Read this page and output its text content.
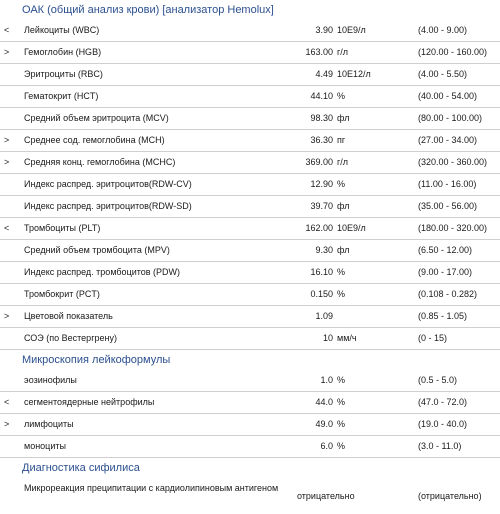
ОАК (общий анализ крови) [анализатор Hemolux]
<	Лейкоциты (WBC)	3.90 10E9/л	(4.00 - 9.00)
>	Гемоглобин (HGB)	163.00 г/л	(120.00 - 160.00)
Эритроциты (RBC)	4.49 10E12/л	(4.00 - 5.50)
Гематокрит (HCT)	44.10 %	(40.00 - 54.00)
Средний объем эритроцита (MCV)	98.30 фл	(80.00 - 100.00)
>	Среднее сод. гемоглобина (MCH)	36.30 пг	(27.00 - 34.00)
>	Средняя конц. гемоглобина (MCHC)	369.00 г/л	(320.00 - 360.00)
Индекс распред. эритроцитов(RDW-CV)	12.90 %	(11.00 - 16.00)
Индекс распред. эритроцитов(RDW-SD)	39.70 фл	(35.00 - 56.00)
<	Тромбоциты (PLT)	162.00 10E9/л	(180.00 - 320.00)
Средний объем тромбоцита (MPV)	9.30 фл	(6.50 - 12.00)
Индекс распред. тромбоцитов (PDW)	16.10 %	(9.00 - 17.00)
Тромбокрит (PCT)	0.150 %	(0.108 - 0.282)
>	Цветовой показатель	1.09	(0.85 - 1.05)
СОЭ (по Вестергрену)	10 мм/ч	(0 - 15)
Микроскопия лейкоформулы
эозинофилы	1.0 %	(0.5 - 5.0)
<	сегментоядерные нейтрофилы	44.0 %	(47.0 - 72.0)
>	лимфоциты	49.0 %	(19.0 - 40.0)
моноциты	6.0 %	(3.0 - 11.0)
Диагностика сифилиса
Микрореакция преципитации с кардиолипиновым антигеном
отрицательно	(отрицательно)
